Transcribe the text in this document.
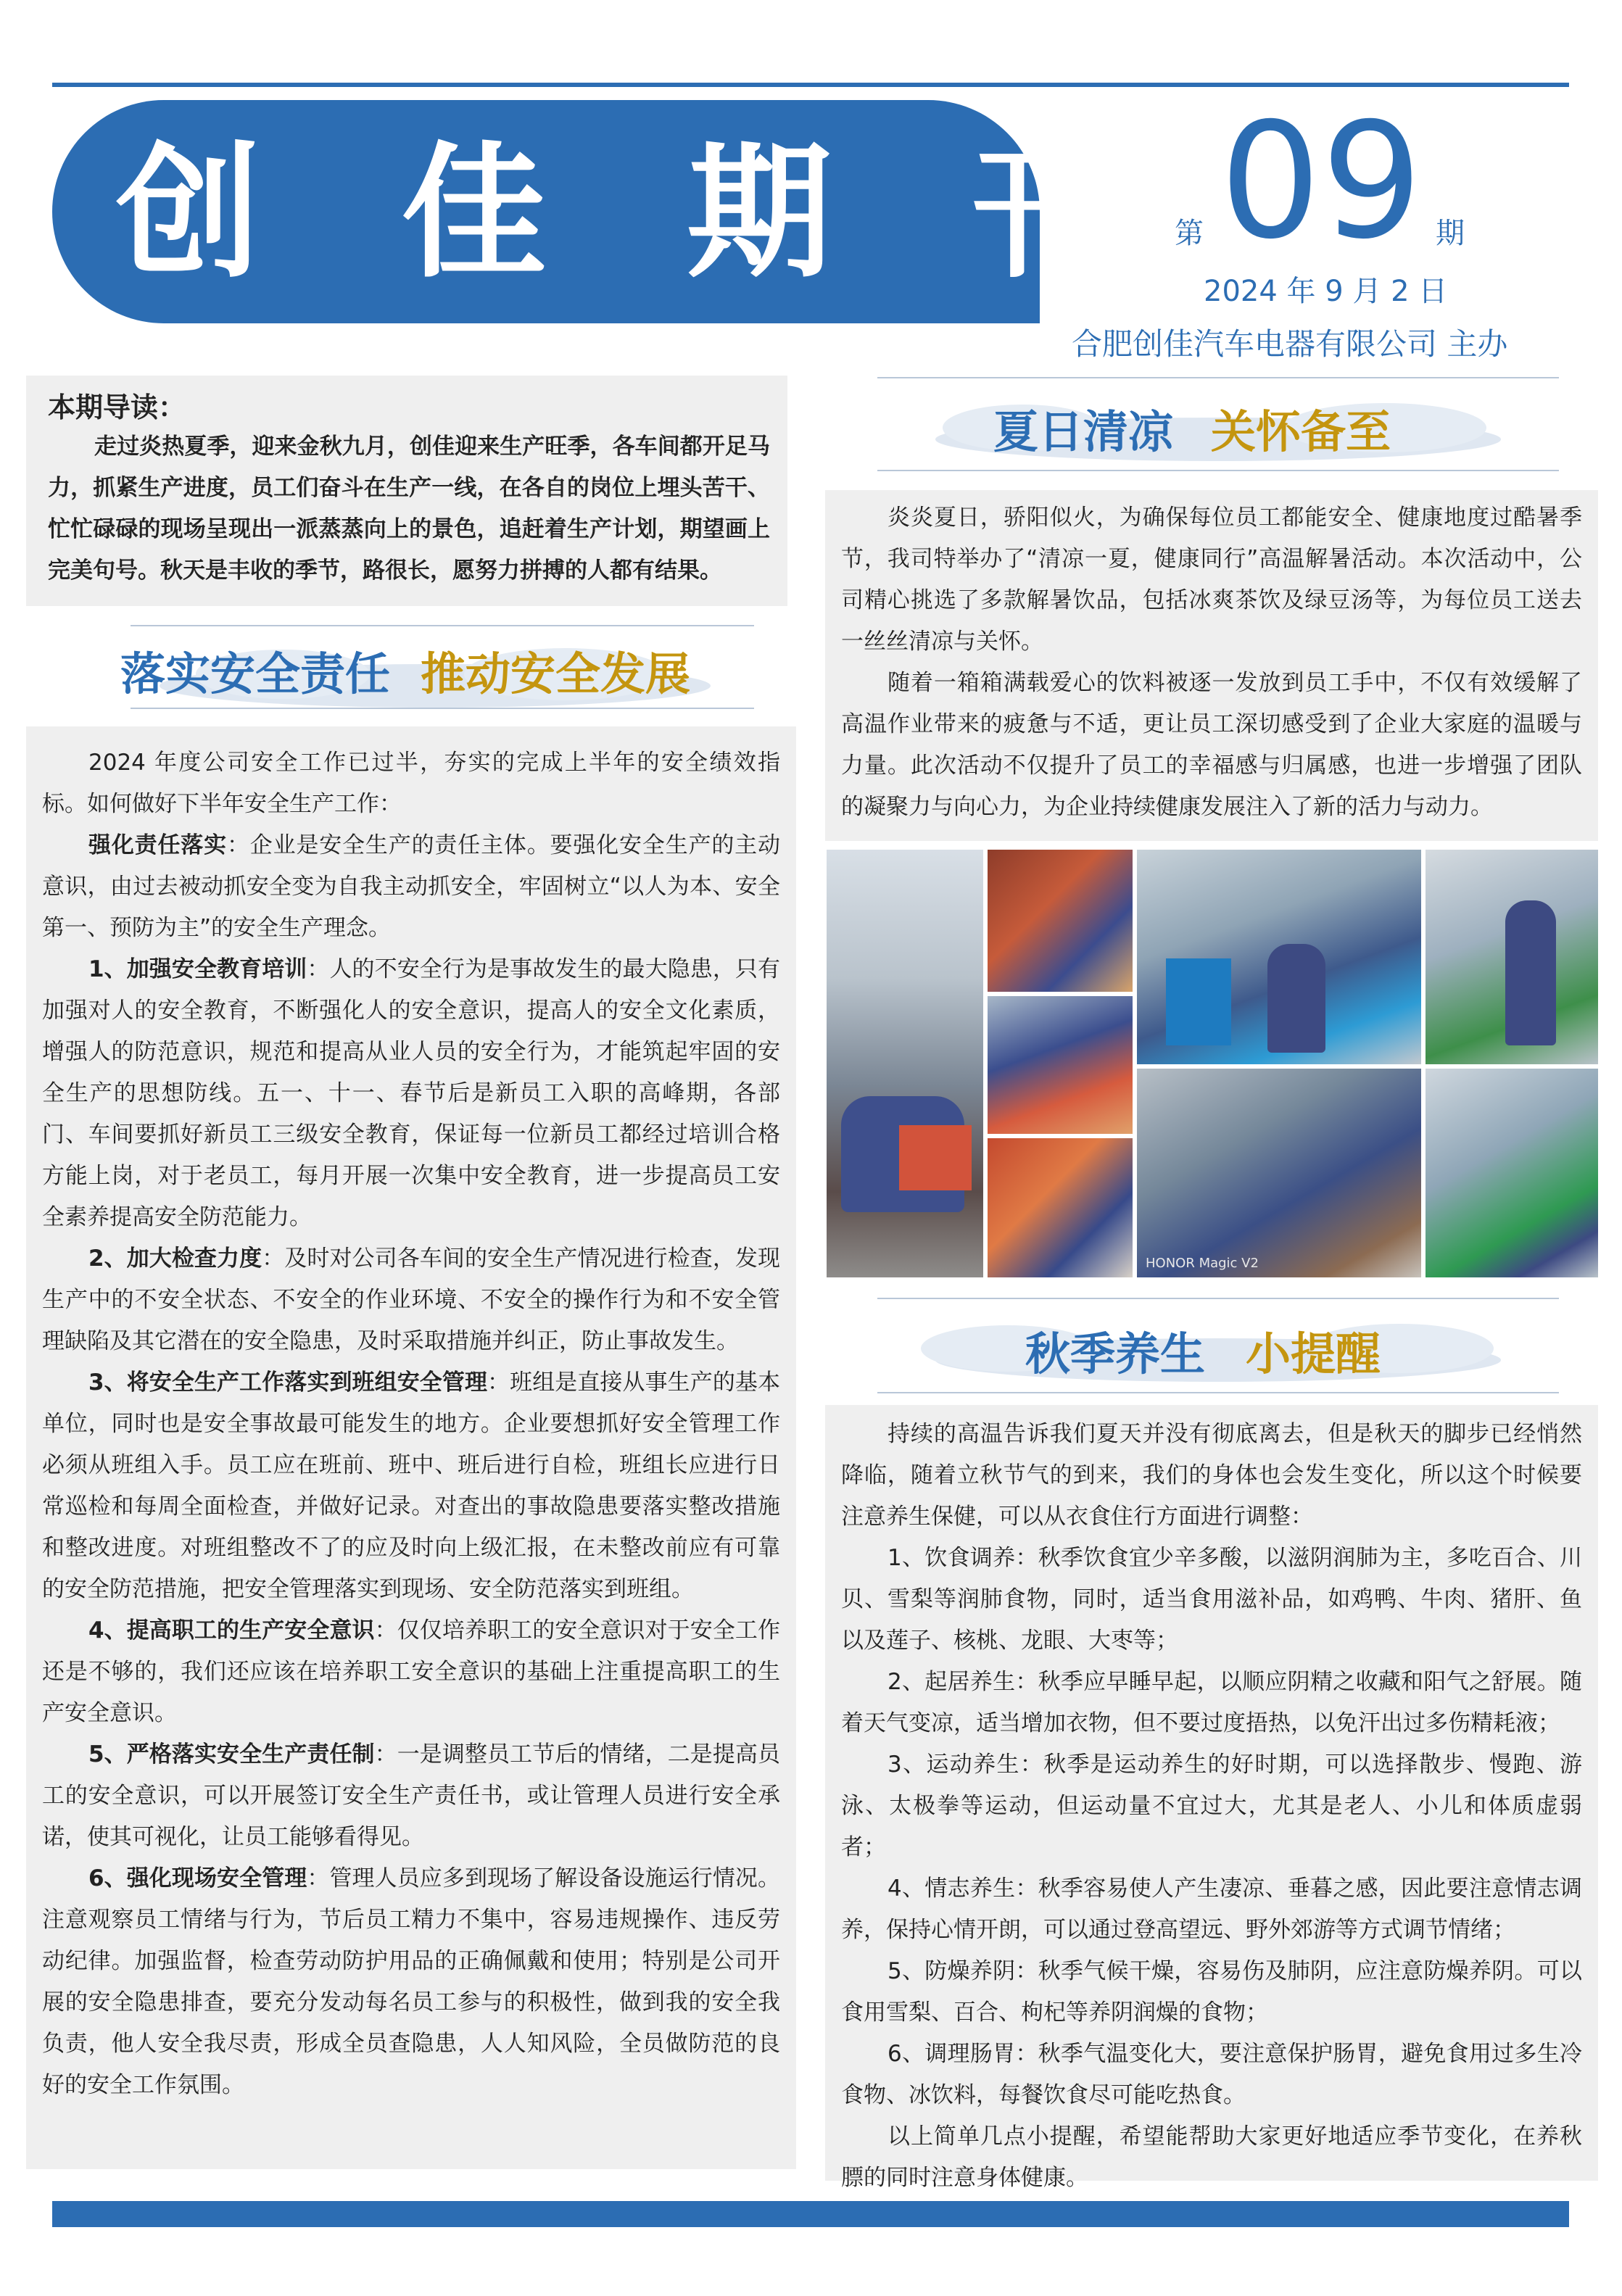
创 佳 期 刊 第 09 期
2024 年 9 月 2 日
合肥创佳汽车电器有限公司 主办
本期导读：

走过炎热夏季，迎来金秋九月，创佳迎来生产旺季，各车间都开足马力，抓紧生产进度，员工们奋斗在生产一线，在各自的岗位上埋头苦干、忙忙碌碌的现场呈现出一派蒸蒸向上的景色，追赶着生产计划，期望画上完美句号。秋天是丰收的季节，路很长，愿努力拼搏的人都有结果。

落实安全责任 推动安全发展

2024 年度公司安全工作已过半，夯实的完成上半年的安全绩效指标。如何做好下半年安全生产工作：

强化责任落实：企业是安全生产的责任主体。要强化安全生产的主动意识，由过去被动抓安全变为自我主动抓安全，牢固树立“以人为本、安全第一、预防为主”的安全生产理念。

1、加强安全教育培训：人的不安全行为是事故发生的最大隐患，只有加强对人的安全教育，不断强化人的安全意识，提高人的安全文化素质，增强人的防范意识，规范和提高从业人员的安全行为，才能筑起牢固的安全生产的思想防线。五一、十一、春节后是新员工入职的高峰期，各部门、车间要抓好新员工三级安全教育，保证每一位新员工都经过培训合格方能上岗，对于老员工，每月开展一次集中安全教育，进一步提高员工安全素养提高安全防范能力。

2、加大检查力度：及时对公司各车间的安全生产情况进行检查，发现生产中的不安全状态、不安全的作业环境、不安全的操作行为和不安全管理缺陷及其它潜在的安全隐患，及时采取措施并纠正，防止事故发生。

3、将安全生产工作落实到班组安全管理：班组是直接从事生产的基本单位，同时也是安全事故最可能发生的地方。企业要想抓好安全管理工作必须从班组入手。员工应在班前、班中、班后进行自检，班组长应进行日常巡检和每周全面检查，并做好记录。对查出的事故隐患要落实整改措施和整改进度。对班组整改不了的应及时向上级汇报，在未整改前应有可靠的安全防范措施，把安全管理落实到现场、安全防范落实到班组。

4、提高职工的生产安全意识：仅仅培养职工的安全意识对于安全工作还是不够的，我们还应该在培养职工安全意识的基础上注重提高职工的生产安全意识。

5、严格落实安全生产责任制：一是调整员工节后的情绪，二是提高员工的安全意识，可以开展签订安全生产责任书，或让管理人员进行安全承诺，使其可视化，让员工能够看得见。

6、强化现场安全管理：管理人员应多到现场了解设备设施运行情况。注意观察员工情绪与行为，节后员工精力不集中，容易违规操作、违反劳动纪律。加强监督，检查劳动防护用品的正确佩戴和使用；特别是公司开展的安全隐患排查，要充分发动每名员工参与的积极性，做到我的安全我负责，他人安全我尽责，形成全员查隐患，人人知风险，全员做防范的良好的安全工作氛围。

夏日清凉 关怀备至

炎炎夏日，骄阳似火，为确保每位员工都能安全、健康地度过酷暑季节，我司特举办了“清凉一夏，健康同行”高温解暑活动。本次活动中，公司精心挑选了多款解暑饮品，包括冰爽茶饮及绿豆汤等，为每位员工送去一丝丝清凉与关怀。

随着一箱箱满载爱心的饮料被逐一发放到员工手中，不仅有效缓解了高温作业带来的疲惫与不适，更让员工深切感受到了企业大家庭的温暖与力量。此次活动不仅提升了员工的幸福感与归属感，也进一步增强了团队的凝聚力与向心力，为企业持续健康发展注入了新的活力与动力。

HONOR Magic V2
秋季养生 小提醒

持续的高温告诉我们夏天并没有彻底离去，但是秋天的脚步已经悄然降临，随着立秋节气的到来，我们的身体也会发生变化，所以这个时候要注意养生保健，可以从衣食住行方面进行调整：

1、饮食调养：秋季饮食宜少辛多酸，以滋阴润肺为主，多吃百合、川贝、雪梨等润肺食物，同时，适当食用滋补品，如鸡鸭、牛肉、猪肝、鱼以及莲子、核桃、龙眼、大枣等；

2、起居养生：秋季应早睡早起，以顺应阴精之收藏和阳气之舒展。随着天气变凉，适当增加衣物，但不要过度捂热，以免汗出过多伤精耗液；

3、运动养生：秋季是运动养生的好时期，可以选择散步、慢跑、游泳、太极拳等运动，但运动量不宜过大，尤其是老人、小儿和体质虚弱者；

4、情志养生：秋季容易使人产生凄凉、垂暮之感，因此要注意情志调养，保持心情开朗，可以通过登高望远、野外郊游等方式调节情绪；

5、防燥养阴：秋季气候干燥，容易伤及肺阴，应注意防燥养阴。可以食用雪梨、百合、枸杞等养阴润燥的食物；

6、调理肠胃：秋季气温变化大，要注意保护肠胃，避免食用过多生冷食物、冰饮料，每餐饮食尽可能吃热食。

以上简单几点小提醒，希望能帮助大家更好地适应季节变化，在养秋膘的同时注意身体健康。
